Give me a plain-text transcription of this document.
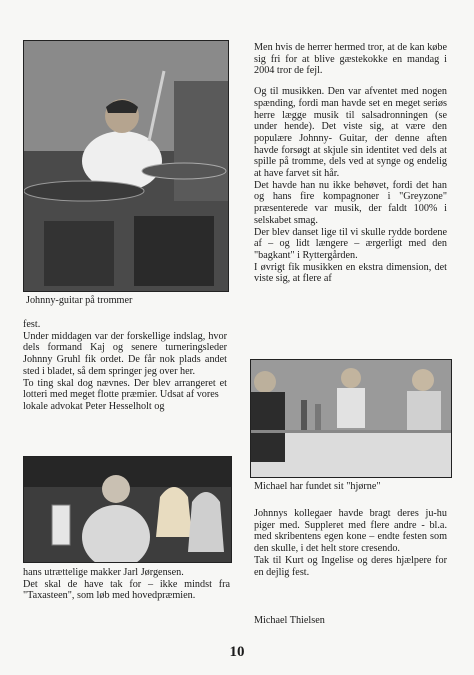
Johnny-guitar på trommer

fest.

Under middagen var der forskellige indslag, hvor dels formand Kaj og senere turneringsleder Johnny Gruhl fik ordet. De får nok plads andet sted i bladet, så dem springer jeg over her.

To ting skal dog nævnes. Der blev arrangeret et lotteri med meget flotte præmier. Udsat af vores

lokale advokat Peter Hesselholt og

hans utrættelige makker Jarl Jørgensen.

Det skal de have tak for – ikke mindst fra "Taxasteen", som løb med hovedpræmien.

Men hvis de herrer hermed tror, at de kan købe sig fri for at blive gæstekokke en mandag i 2004 tror de fejl.

Og til musikken. Den var afventet med nogen spænding, fordi man havde set en meget seriøs herre lægge musik til salsadronningen (se under hende). Det viste sig, at være den populære Johnny- Guitar, der denne aften havde forsøgt at skjule sin identitet ved dels at spille på tromme, dels ved at synge og endelig at have farvet sit hår.

Det havde han nu ikke behøvet, fordi det han og hans fire kompagnoner i "Greyzone" præsenterede var musik, der faldt 100% i selskabet smag.

Der blev danset lige til vi skulle rydde bordene af – og lidt længere – ærgerligt med den "bagkant" i Ryttergården.

I øvrigt fik musikken en ekstra dimension, det viste sig, at flere af

Michael har fundet sit "hjørne"

Johnnys kollegaer havde bragt deres ju-hu piger med. Suppleret med flere andre - bl.a. med skribentens egen kone – endte festen som den skulle, i det helt store cresendo.

Tak til Kurt og Ingelise og deres hjælpere for en dejlig fest.

Michael Thielsen
10
